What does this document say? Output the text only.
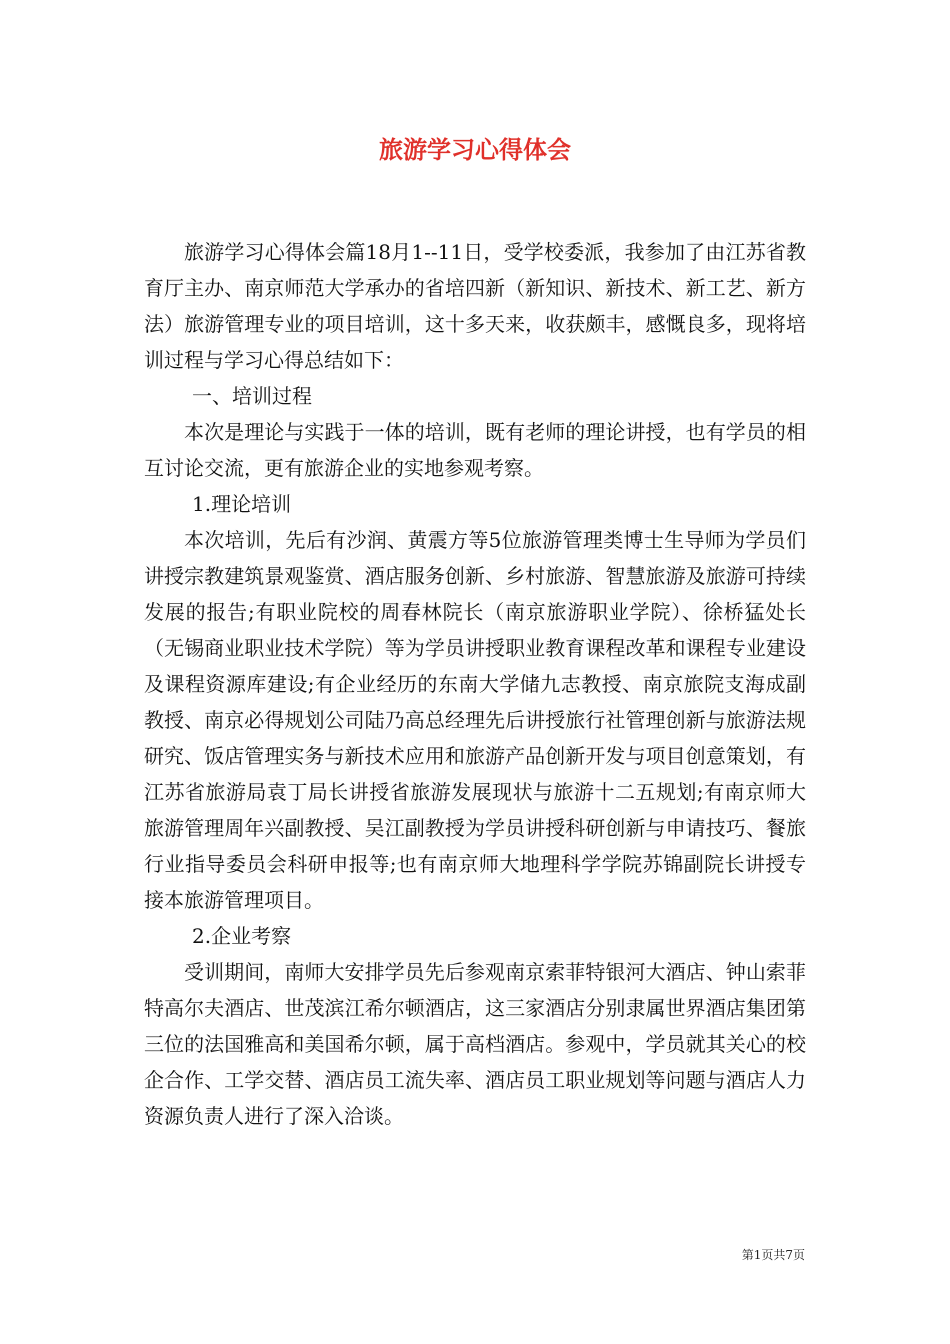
旅游学习心得体会

旅游学习心得体会篇18月1--11日，受学校委派，我参加了由江苏省教育厅主办、南京师范大学承办的省培四新（新知识、新技术、新工艺、新方法）旅游管理专业的项目培训，这十多天来，收获颇丰，感慨良多，现将培训过程与学习心得总结如下：

一、培训过程

本次是理论与实践于一体的培训，既有老师的理论讲授，也有学员的相互讨论交流，更有旅游企业的实地参观考察。

1.理论培训

本次培训，先后有沙润、黄震方等5位旅游管理类博士生导师为学员们讲授宗教建筑景观鉴赏、酒店服务创新、乡村旅游、智慧旅游及旅游可持续发展的报告;有职业院校的周春林院长（南京旅游职业学院）、徐桥猛处长（无锡商业职业技术学院）等为学员讲授职业教育课程改革和课程专业建设及课程资源库建设;有企业经历的东南大学储九志教授、南京旅院支海成副教授、南京必得规划公司陆乃高总经理先后讲授旅行社管理创新与旅游法规研究、饭店管理实务与新技术应用和旅游产品创新开发与项目创意策划，有江苏省旅游局袁丁局长讲授省旅游发展现状与旅游十二五规划;有南京师大旅游管理周年兴副教授、吴江副教授为学员讲授科研创新与申请技巧、餐旅行业指导委员会科研申报等;也有南京师大地理科学学院苏锦副院长讲授专接本旅游管理项目。

2.企业考察

受训期间，南师大安排学员先后参观南京索菲特银河大酒店、钟山索菲特高尔夫酒店、世茂滨江希尔顿酒店，这三家酒店分别隶属世界酒店集团第三位的法国雅高和美国希尔顿，属于高档酒店。参观中，学员就其关心的校企合作、工学交替、酒店员工流失率、酒店员工职业规划等问题与酒店人力资源负责人进行了深入洽谈。

第1页共7页
